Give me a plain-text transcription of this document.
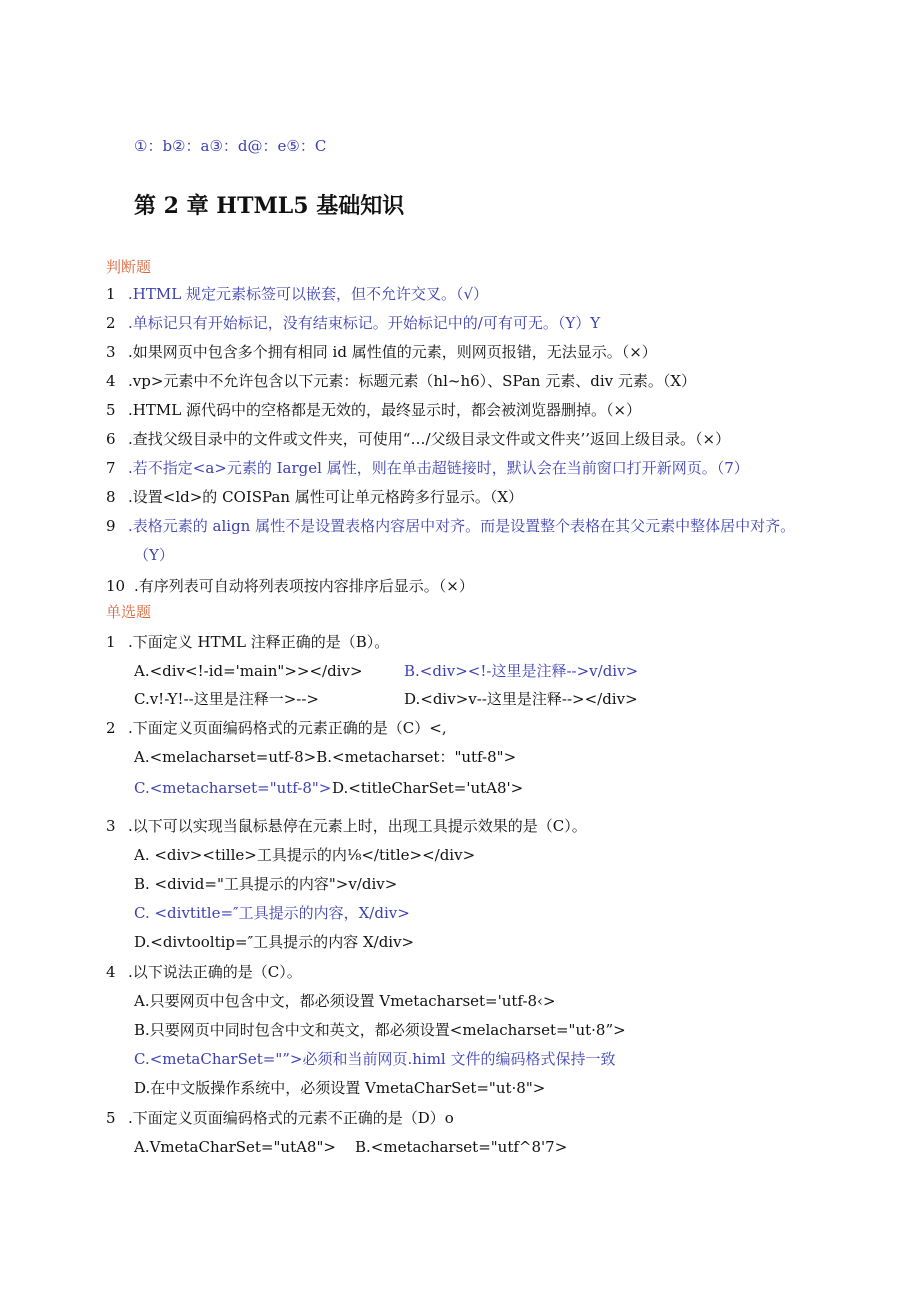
①：b②：a③：d@：e⑤：C
第 2 章 HTML5 基础知识
判断题
1 .HTML 规定元素标签可以嵌套，但不允许交叉。（√）
2 .单标记只有开始标记，没有结束标记。开始标记中的/可有可无。（Y）Y
3 .如果网页中包含多个拥有相同 id 属性值的元素，则网页报错，无法显示。（×）
4 .vp>元素中不允许包含以下元素：标题元素（hl~h6）、SPan 元素、div 元素。（X）
5 .HTML 源代码中的空格都是无效的，最终显示时，都会被浏览器删掉。（×）
6 .查找父级目录中的文件或文件夹，可使用“…/父级目录文件或文件夹’’返回上级目录。（×）
7 .若不指定<a>元素的 Iargel 属性，则在单击超链接时，默认会在当前窗口打开新网页。（7）
8 .设置<ld>的 COISPan 属性可让单元格跨多行显示。（X）
9 .表格元素的 align 属性不是设置表格内容居中对齐。而是设置整个表格在其父元素中整体居中对齐。
（Y）
10 .有序列表可自动将列表项按内容排序后显示。（×）
单选题
1 .下面定义 HTML 注释正确的是（B）。
A.<div<!-id='main">></div>	B.<div><!-这里是注释-->v/div>
C.v!-Y!--这里是注释一>-->	D.<div>v--这里是注释--></div>
2 .下面定义页面编码格式的元素正确的是（C）<,
A.<melacharset=utf-8>B.<metacharset："utf-8">
C.<metacharset="utf-8"> D.<titleCharSet='utA8'>
3 .以下可以实现当鼠标悬停在元素上时，出现工具提示效果的是（C）。
A. <div><tille>工具提示的内⅛</title></div>
B. <divid="工具提示的内容">v/div>
C. <divtitle=″工具提示的内容，X/div>
D.<divtooltip=″工具提示的内容 X/div>
4 .以下说法正确的是（C）。
A.只要网页中包含中文，都必须设置 Vmetacharset='utf-8‹>
B.只要网页中同时包含中文和英文，都必须设置<melacharset="ut·8”>
C.<metaCharSet="”>必须和当前网页.himl 文件的编码格式保持一致
D.在中文版操作系统中，必须设置 VmetaCharSet="ut·8">
5 .下面定义页面编码格式的元素不正确的是（D）o
A.VmetaCharSet="utA8"> B.<metacharset="utf^8'7>
